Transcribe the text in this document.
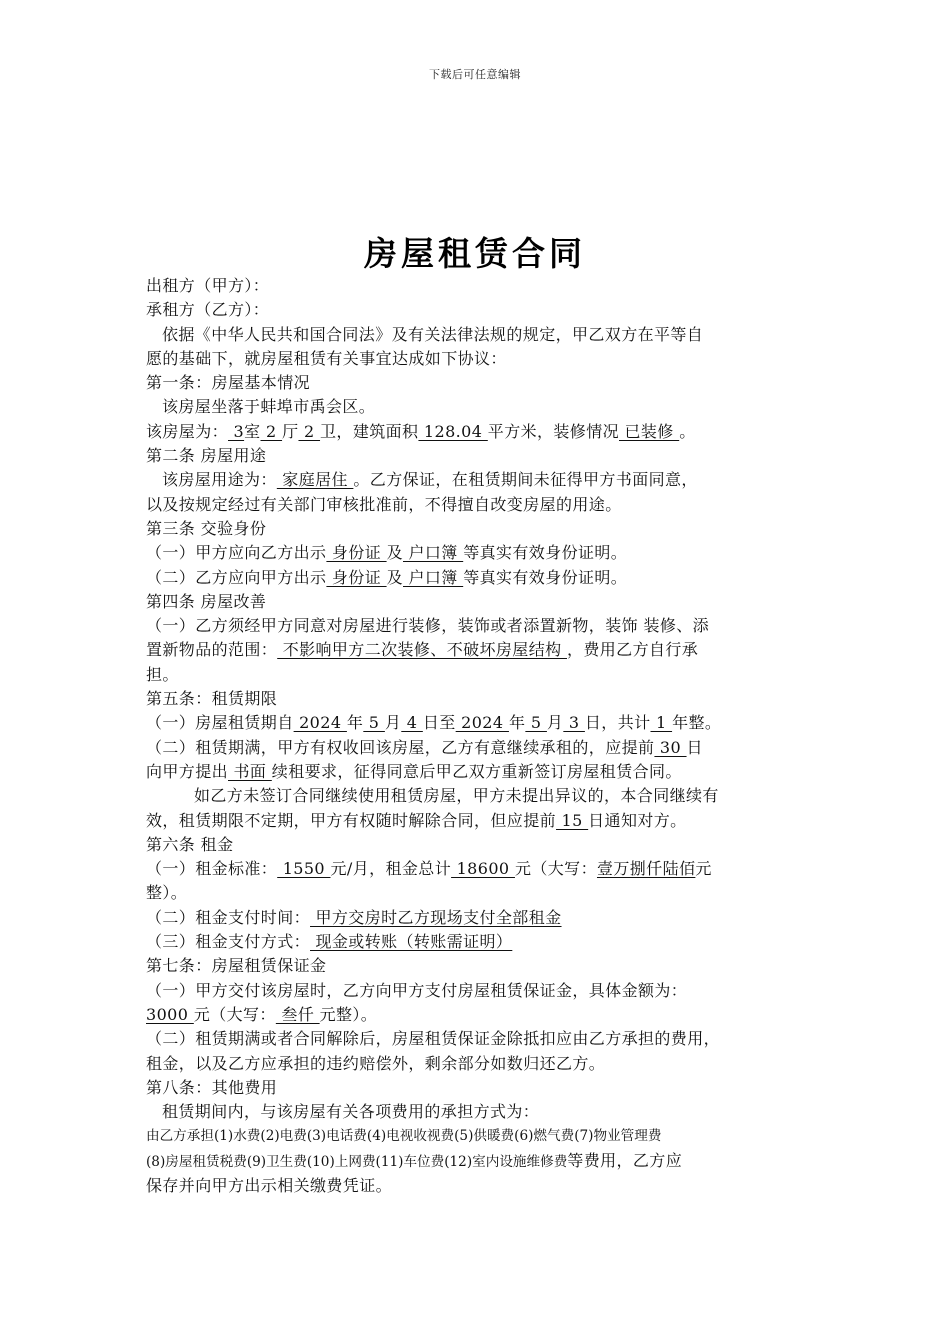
下载后可任意编辑
房屋租赁合同
出租方（甲方）：
承租方（乙方）：
依据《中华人民共和国合同法》及有关法律法规的规定，甲乙双方在平等自
愿的基础下，就房屋租赁有关事宜达成如下协议：
第一条：房屋基本情况
该房屋坐落于蚌埠市禹会区。
该房屋为： 3室 2 厅 2 卫，建筑面积 128.04 平方米，装修情况 已装修 。
第二条 房屋用途
该房屋用途为： 家庭居住 。乙方保证，在租赁期间未征得甲方书面同意，
以及按规定经过有关部门审核批准前，不得擅自改变房屋的用途。
第三条 交验身份
（一）甲方应向乙方出示 身份证 及 户口簿 等真实有效身份证明。
（二）乙方应向甲方出示 身份证 及 户口簿 等真实有效身份证明。
第四条 房屋改善
（一）乙方须经甲方同意对房屋进行装修，装饰或者添置新物，装饰 装修、添
置新物品的范围： 不影响甲方二次装修、不破坏房屋结构 ，费用乙方自行承
担。
第五条：租赁期限
（一）房屋租赁期自 2024 年 5 月 4 日至 2024 年 5 月 3 日，共计 1 年整。
（二）租赁期满，甲方有权收回该房屋，乙方有意继续承租的，应提前 30 日
向甲方提出 书面 续租要求，征得同意后甲乙双方重新签订房屋租赁合同。
如乙方未签订合同继续使用租赁房屋，甲方未提出异议的，本合同继续有
效，租赁期限不定期，甲方有权随时解除合同，但应提前 15 日通知对方。
第六条 租金
（一）租金标准： 1550 元/月，租金总计 18600 元（大写：壹万捌仟陆佰元
整）。
（二）租金支付时间： 甲方交房时乙方现场支付全部租金
（三）租金支付方式： 现金或转账（转账需证明）
第七条：房屋租赁保证金
（一）甲方交付该房屋时，乙方向甲方支付房屋租赁保证金，具体金额为：
3000 元（大写： 叁仟 元整）。
（二）租赁期满或者合同解除后，房屋租赁保证金除抵扣应由乙方承担的费用，
租金，以及乙方应承担的违约赔偿外，剩余部分如数归还乙方。
第八条：其他费用
租赁期间内，与该房屋有关各项费用的承担方式为：
由乙方承担(1)水费(2)电费(3)电话费(4)电视收视费(5)供暖费(6)燃气费(7)物业管理费
(8)房屋租赁税费(9)卫生费(10)上网费(11)车位费(12)室内设施维修费等费用，乙方应
保存并向甲方出示相关缴费凭证。
